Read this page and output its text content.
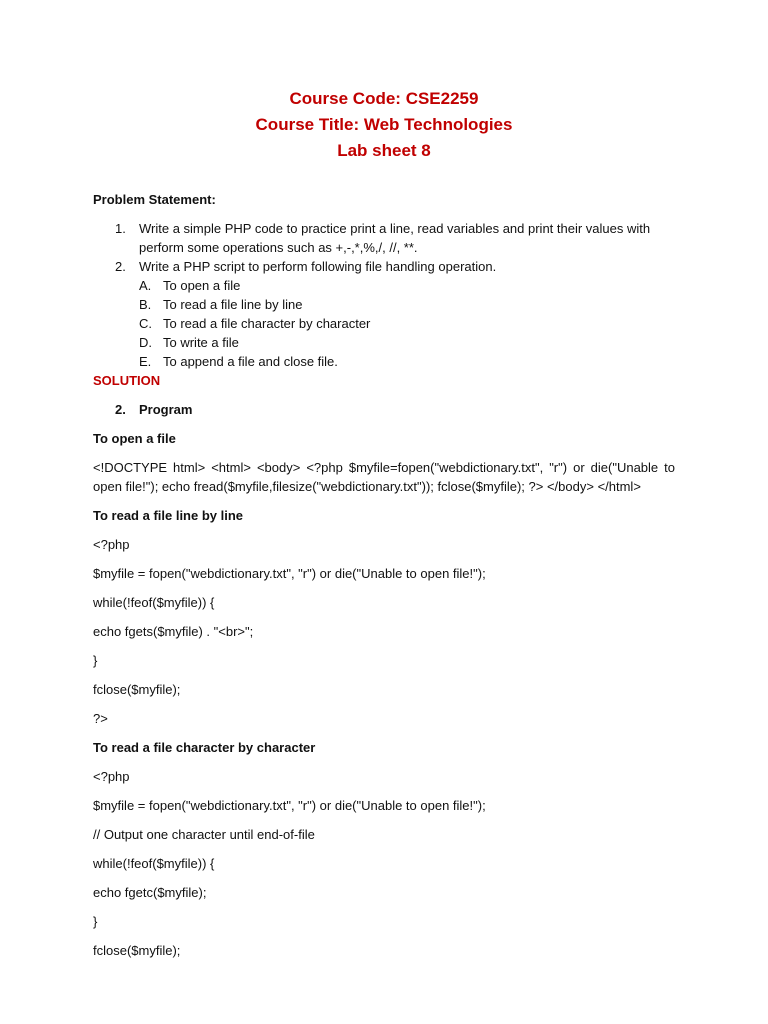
Course Code: CSE2259
Course Title: Web Technologies
Lab sheet 8
Problem Statement:
1. Write a simple PHP code to practice print a line, read variables and print their values with perform some operations such as +,-,*,%,/, //, **.
2. Write a PHP script to perform following file handling operation.
A. To open a file
B. To read a file line by line
C. To read a file character by character
D. To write a file
E. To append a file and close file.
SOLUTION
2. Program
To open a file
<!DOCTYPE html> <html> <body> <?php $myfile=fopen("webdictionary.txt", "r") or die("Unable to open file!"); echo fread($myfile,filesize("webdictionary.txt")); fclose($myfile); ?> </body> </html>
To read a file line by line
<?php
$myfile = fopen("webdictionary.txt", "r") or die("Unable to open file!");
while(!feof($myfile)) {
echo fgets($myfile) . "<br>";
}
fclose($myfile);
?>
To read a file character by character
<?php
$myfile = fopen("webdictionary.txt", "r") or die("Unable to open file!");
// Output one character until end-of-file
while(!feof($myfile)) {
echo fgetc($myfile);
}
fclose($myfile);
